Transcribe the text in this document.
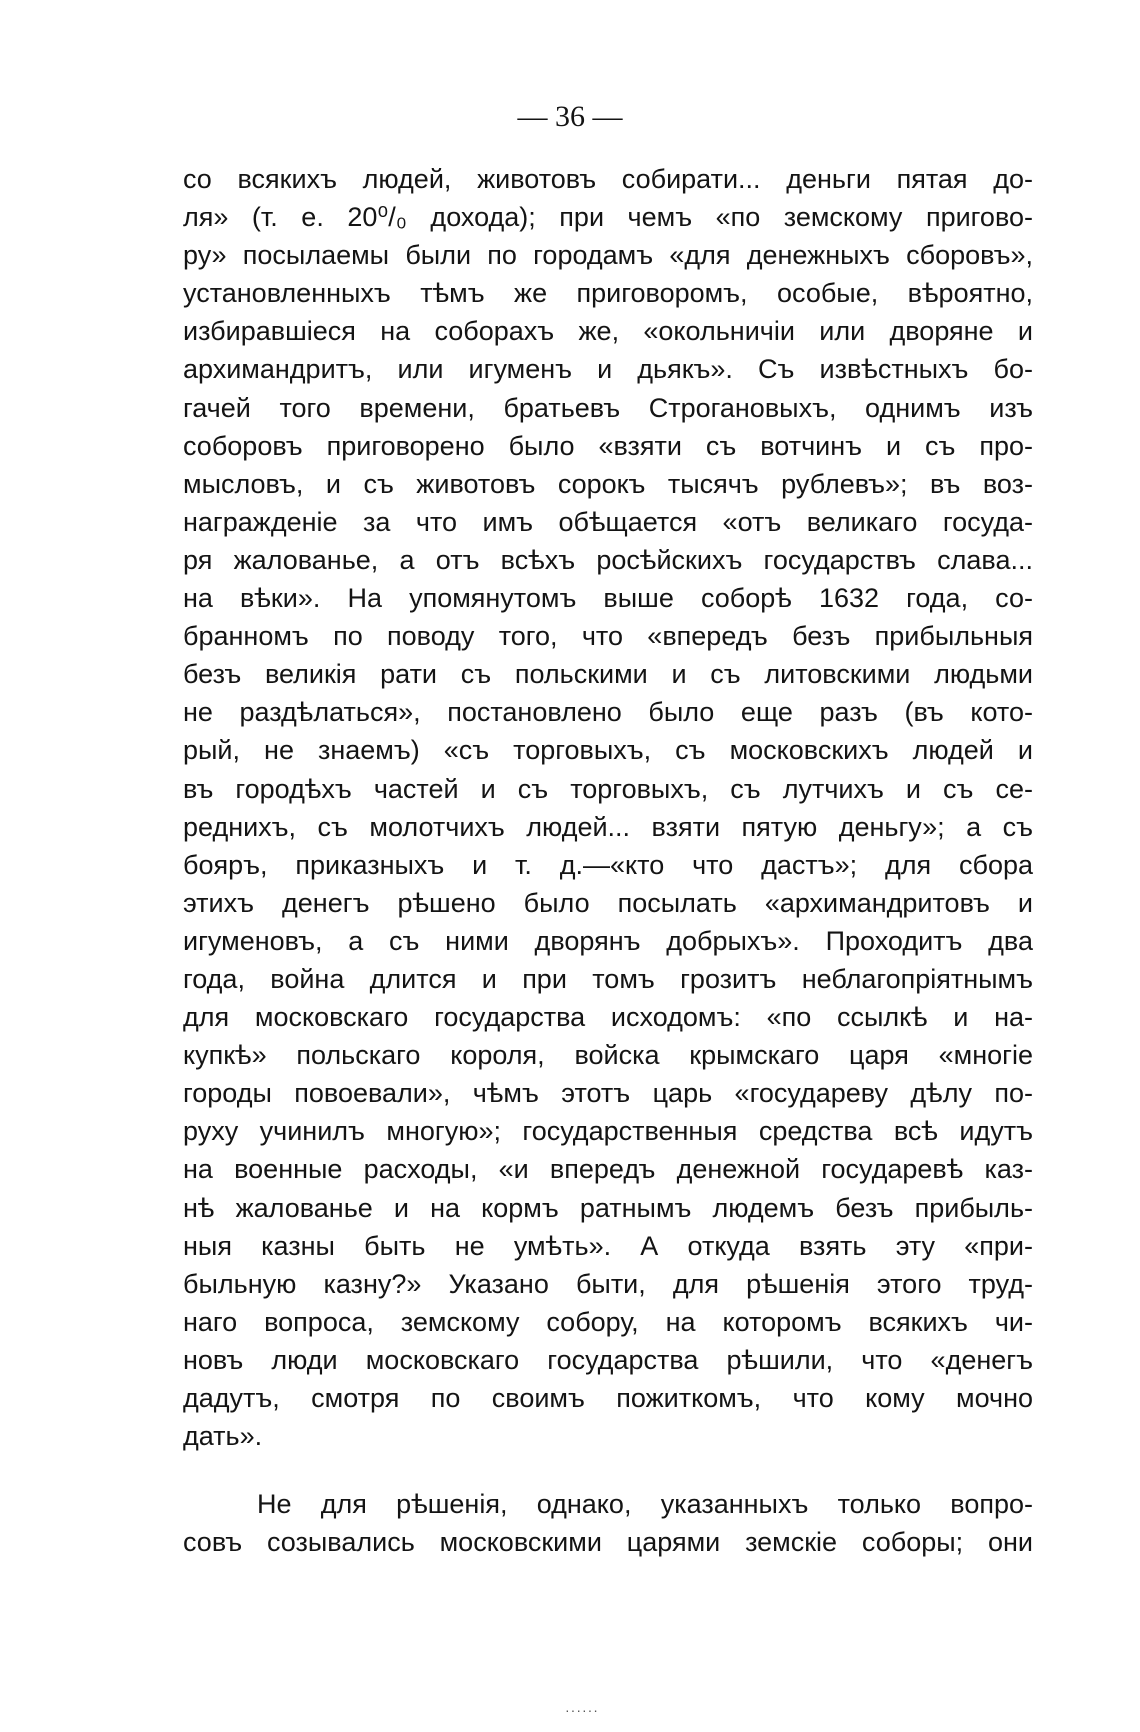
— 36 —
со всякихъ людей, животовъ собирати... деньги пятая до-
ля» (т. е. 20⁰/₀ дохода); при чемъ «по земскому пригово-
ру» посылаемы были по городамъ «для денежныхъ сборовъ»,
установленныхъ тѣмъ же приговоромъ, особые, вѣроятно,
избиравшіеся на соборахъ же, «окольничіи или дворяне и
архимандритъ, или игуменъ и дьякъ». Съ извѣстныхъ бо-
гачей того времени, братьевъ Строгановыхъ, однимъ изъ
соборовъ приговорено было «взяти съ вотчинъ и съ про-
мысловъ, и съ животовъ сорокъ тысячъ рублевъ»; въ воз-
награжденіе за что имъ обѣщается «отъ великаго госуда-
ря жалованье, а отъ всѣхъ росѣйскихъ государствъ слава...
на вѣки». На упомянутомъ выше соборѣ 1632 года, со-
бранномъ по поводу того, что «впередъ безъ прибыльныя
безъ великія рати съ польскими и съ литовскими людьми
не раздѣлаться», постановлено было еще разъ (въ кото-
рый, не знаемъ) «съ торговыхъ, съ московскихъ людей и
въ городѣхъ частей и съ торговыхъ, съ лутчихъ и съ се-
реднихъ, съ молотчихъ людей... взяти пятую деньгу»; а съ
бояръ, приказныхъ и т. д.—«кто что дастъ»; для сбора
этихъ денегъ рѣшено было посылать «архимандритовъ и
игуменовъ, а съ ними дворянъ добрыхъ». Проходитъ два
года, война длится и при томъ грозитъ неблагопріятнымъ
для московскаго государства исходомъ: «по ссылкѣ и на-
купкѣ» польскаго короля, войска крымскаго царя «многіе
городы повоевали», чѣмъ этотъ царь «государеву дѣлу по-
руху учинилъ многую»; государственныя средства всѣ идутъ
на военные расходы, «и впередъ денежной государевѣ каз-
нѣ жалованье и на кормъ ратнымъ людемъ безъ прибыль-
ныя казны быть не умѣть». А откуда взять эту «при-
быльную казну?» Указано быти, для рѣшенія этого труд-
наго вопроса, земскому собору, на которомъ всякихъ чи-
новъ люди московскаго государства рѣшили, что «денегъ
дадутъ, смотря по своимъ пожиткомъ, что кому мочно
дать».
Не для рѣшенія, однако, указанныхъ только вопро-
совъ созывались московскими царями земскіе соборы; они
······
